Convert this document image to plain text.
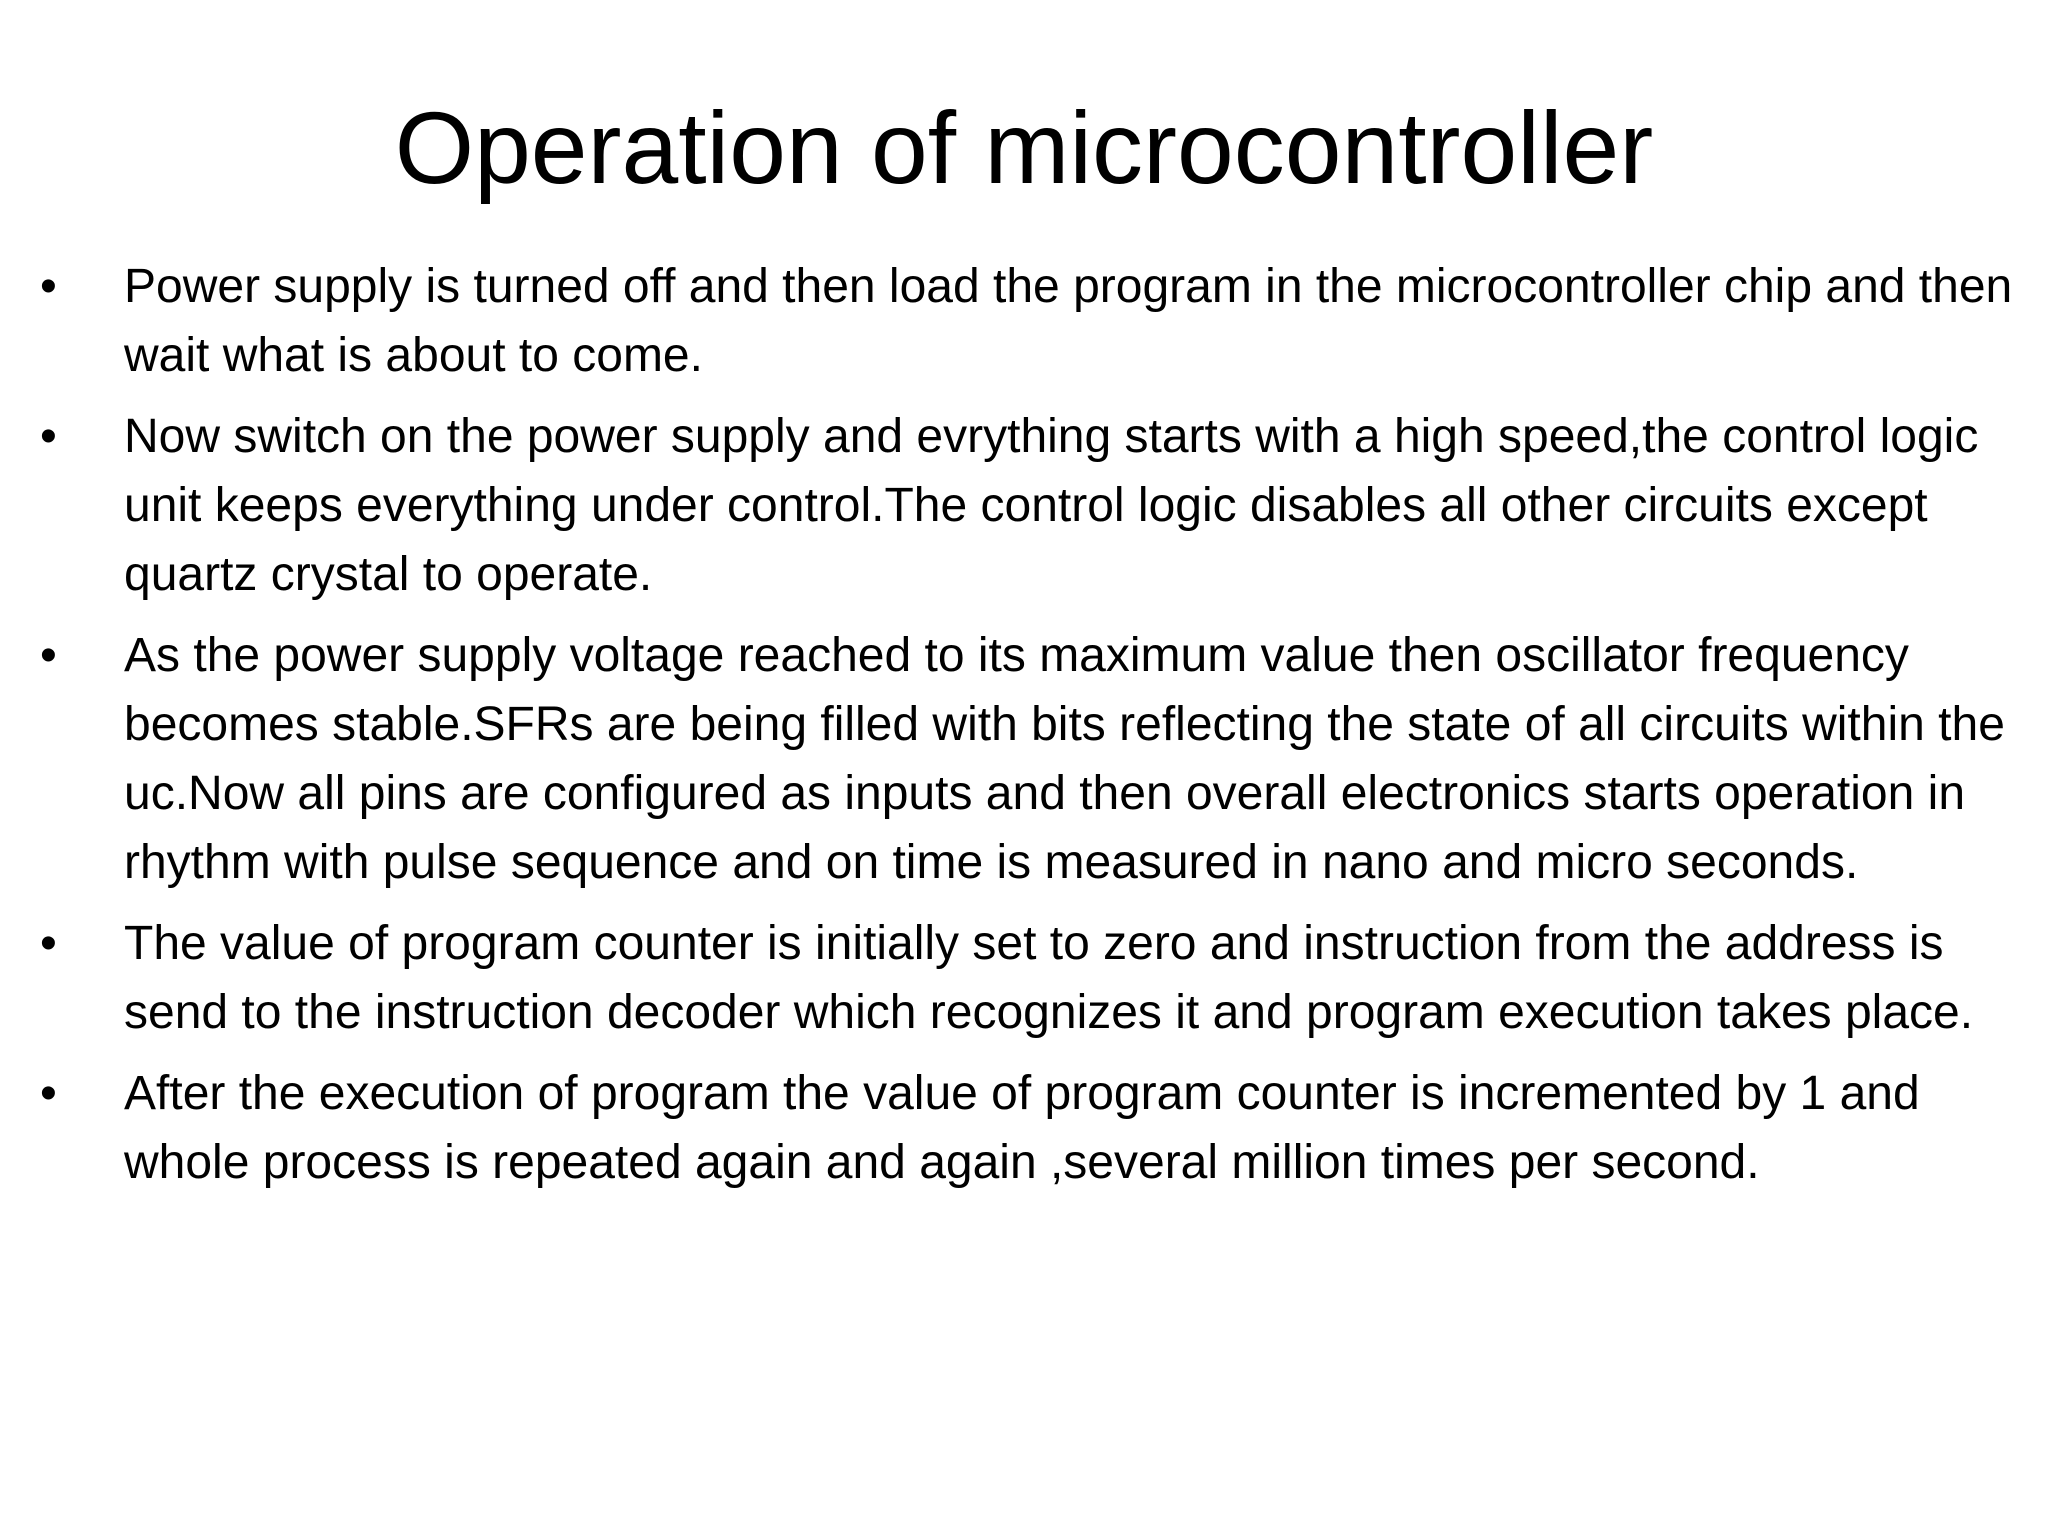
Operation of microcontroller
•	Power supply is turned off and then load the program in the microcontroller chip and then wait what is about to come.
•	Now switch on the power supply and evrything starts with a high speed,the control logic unit keeps everything under control.The control logic disables all other circuits except quartz crystal to operate.
•	As the power supply voltage reached to its maximum value then oscillator frequency becomes stable.SFRs are being filled with bits reflecting the state of all circuits within the uc.Now all pins are configured as inputs and then overall electronics starts operation in rhythm with pulse sequence and on time is measured in nano and micro seconds.
•	The value of program counter is initially set to zero and instruction from the address is send to the instruction decoder which recognizes it and program execution takes place.
•	After the execution of program the value of program counter is incremented by 1 and whole process is repeated again and again ,several million times per second.
